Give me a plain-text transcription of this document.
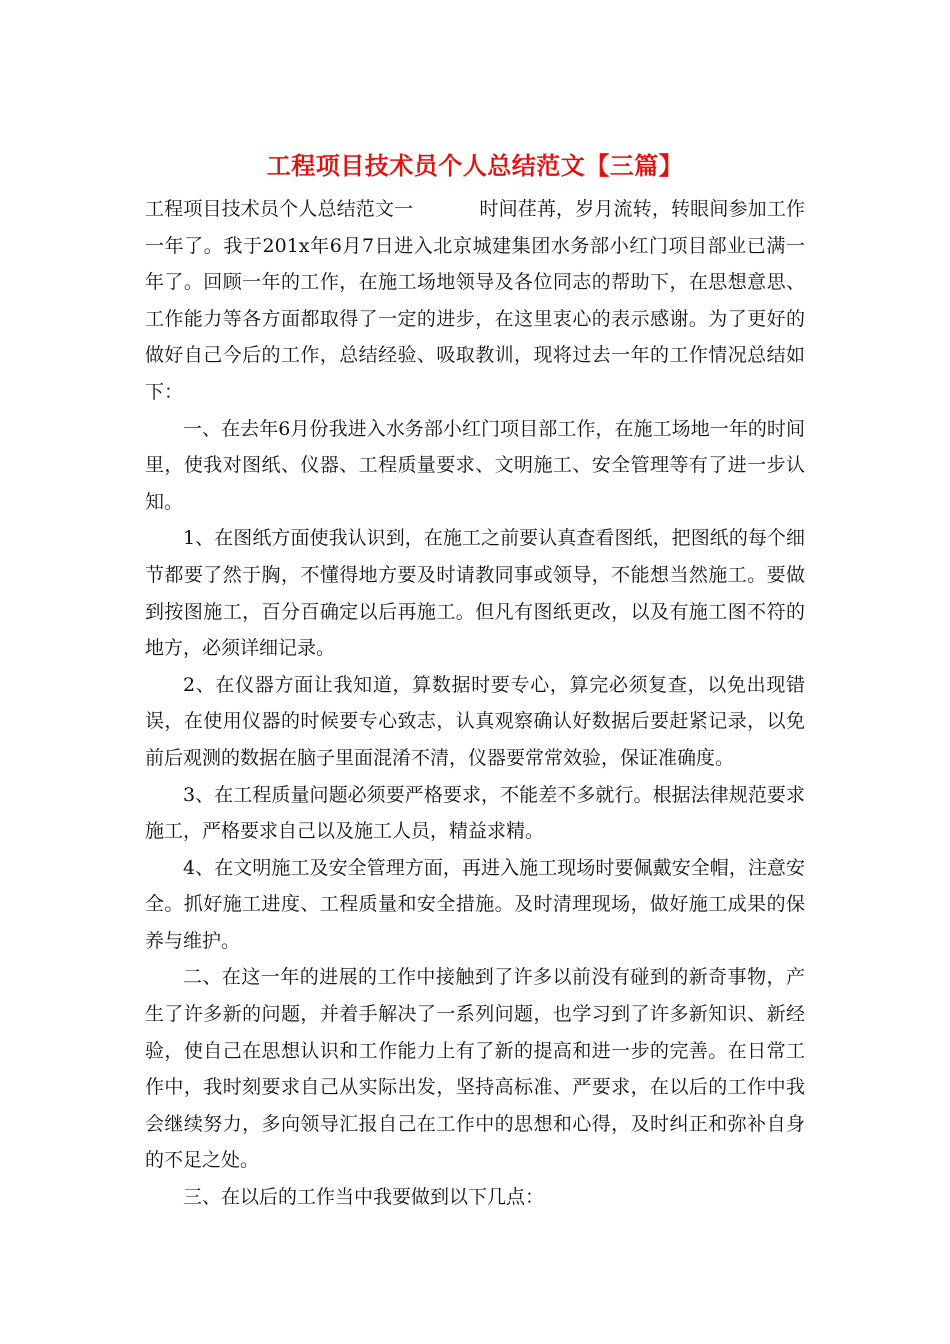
工程项目技术员个人总结范文【三篇】

工程项目技术员个人总结范文一	时间荏苒，岁月流转，转眼间参加工作一年了。我于201x年6月7日进入北京城建集团水务部小红门项目部业已满一年了。回顾一年的工作，在施工场地领导及各位同志的帮助下，在思想意思、工作能力等各方面都取得了一定的进步，在这里衷心的表示感谢。为了更好的做好自己今后的工作，总结经验、吸取教训，现将过去一年的工作情况总结如下：

一、在去年6月份我进入水务部小红门项目部工作，在施工场地一年的时间里，使我对图纸、仪器、工程质量要求、文明施工、安全管理等有了进一步认知。

1、在图纸方面使我认识到，在施工之前要认真查看图纸，把图纸的每个细节都要了然于胸，不懂得地方要及时请教同事或领导，不能想当然施工。要做到按图施工，百分百确定以后再施工。但凡有图纸更改，以及有施工图不符的地方，必须详细记录。

2、在仪器方面让我知道，算数据时要专心，算完必须复查，以免出现错误，在使用仪器的时候要专心致志，认真观察确认好数据后要赶紧记录，以免前后观测的数据在脑子里面混淆不清，仪器要常常效验，保证准确度。

3、在工程质量问题必须要严格要求，不能差不多就行。根据法律规范要求施工，严格要求自己以及施工人员，精益求精。

4、在文明施工及安全管理方面，再进入施工现场时要佩戴安全帽，注意安全。抓好施工进度、工程质量和安全措施。及时清理现场，做好施工成果的保养与维护。

二、在这一年的进展的工作中接触到了许多以前没有碰到的新奇事物，产生了许多新的问题，并着手解决了一系列问题，也学习到了许多新知识、新经验，使自己在思想认识和工作能力上有了新的提高和进一步的完善。在日常工作中，我时刻要求自己从实际出发，坚持高标准、严要求，在以后的工作中我会继续努力，多向领导汇报自己在工作中的思想和心得，及时纠正和弥补自身的不足之处。

三、在以后的工作当中我要做到以下几点：
